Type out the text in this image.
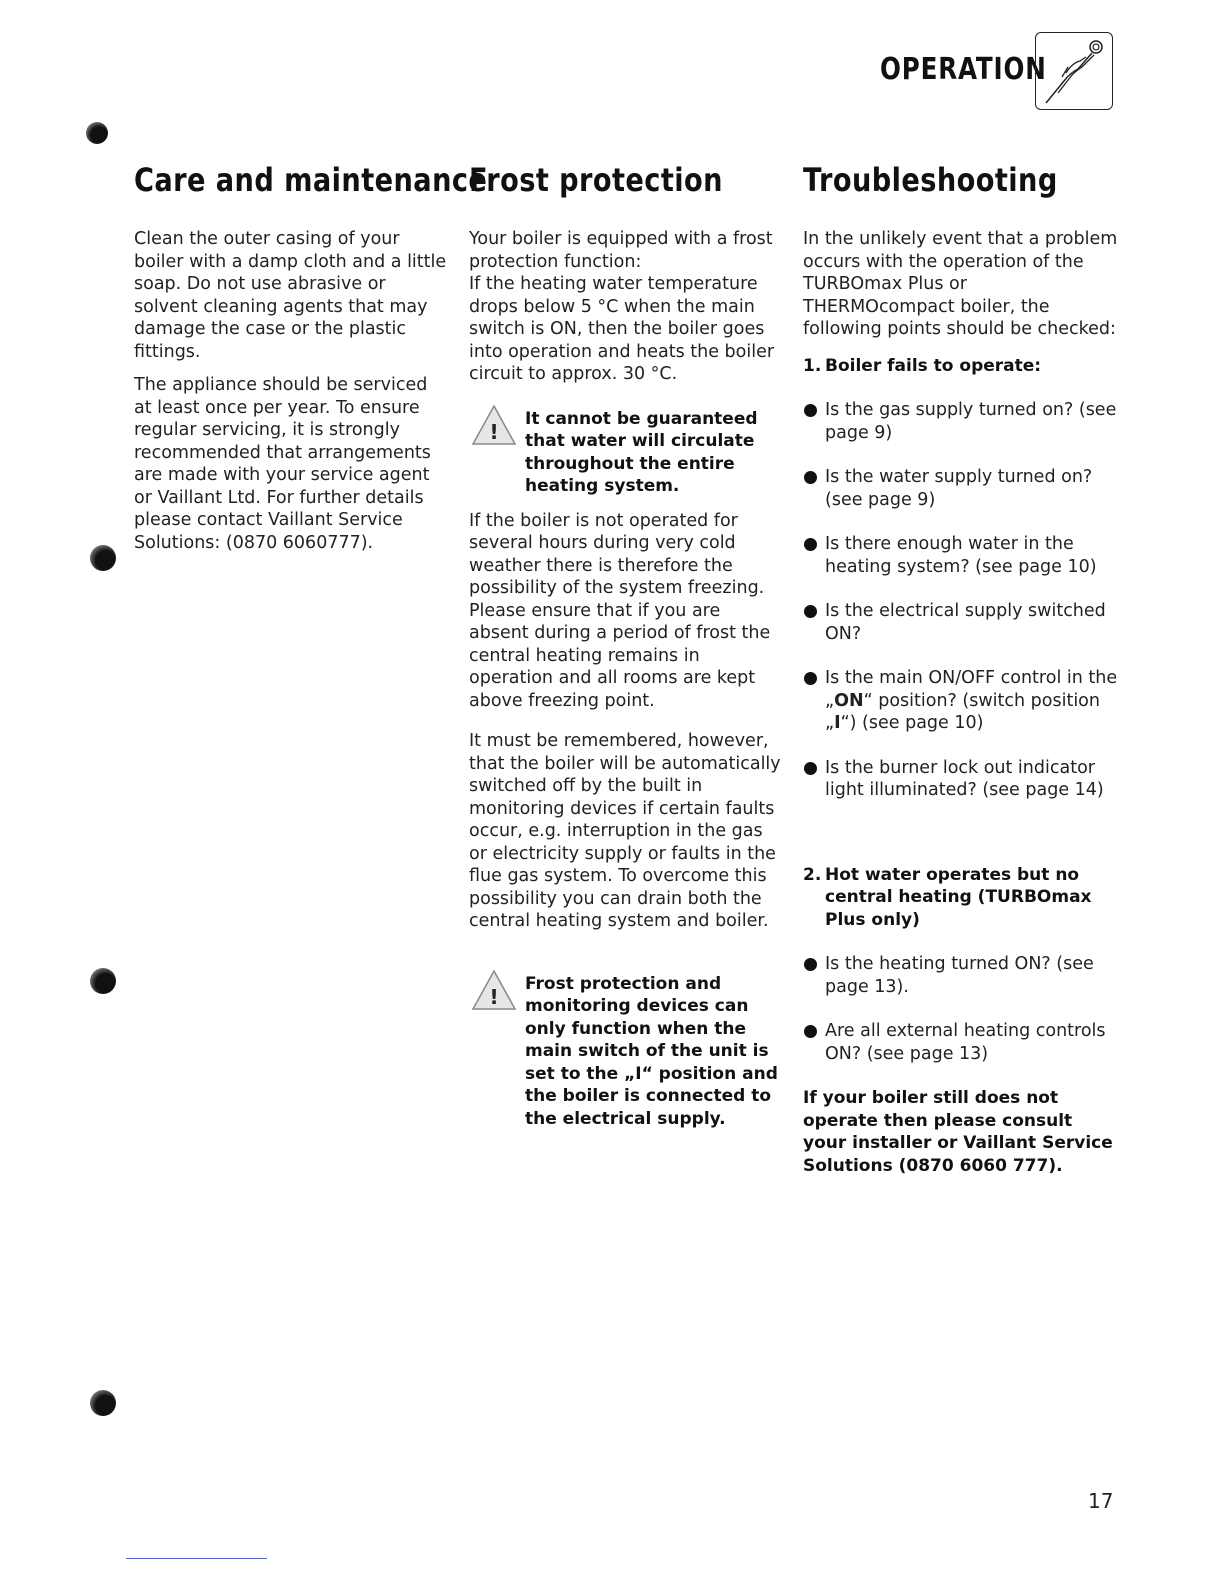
OPERATION
Care and maintenance

Clean the outer casing of your boiler with a damp cloth and a little soap. Do not use abrasive or solvent cleaning agents that may damage the case or the plastic fittings.

The appliance should be serviced at least once per year. To ensure regular servicing, it is strongly recommended that arrangements are made with your service agent or Vaillant Ltd. For further details please contact Vaillant Service Solutions: (0870 6060777).

Frost protection

Your boiler is equipped with a frost protection function:
If the heating water temperature drops below 5 °C when the main switch is ON, then the boiler goes into operation and heats the boiler circuit to approx. 30 °C.

!
It cannot be guaranteed that water will circulate throughout the entire heating system.

If the boiler is not operated for several hours during very cold weather there is therefore the possibility of the system freezing. Please ensure that if you are absent during a period of frost the central heating remains in operation and all rooms are kept above freezing point.

It must be remembered, however, that the boiler will be automatically switched off by the built in monitoring devices if certain faults occur, e.g. interruption in the gas or electricity supply or faults in the flue gas system. To overcome this possibility you can drain both the central heating system and boiler.

!
Frost protection and monitoring devices can only function when the main switch of the unit is set to the „I“ position and the boiler is connected to the electrical supply.
Troubleshooting

In the unlikely event that a problem occurs with the operation of the TURBOmax Plus or THERMOcompact boiler, the following points should be checked:

1. Boiler fails to operate:
Is the gas supply turned on? (see page 9)
Is the water supply turned on? (see page 9)
Is there enough water in the heating system? (see page 10)
Is the electrical supply switched ON?
Is the main ON/OFF control in the „ON“ position? (switch position „I“) (see page 10)
Is the burner lock out indicator light illuminated? (see page 14)
2. Hot water operates but no central heating (TURBOmax Plus only)
Is the heating turned ON? (see page 13).
Are all external heating controls ON? (see page 13)
If your boiler still does not operate then please consult your installer or Vaillant Service Solutions (0870 6060 777).
17
